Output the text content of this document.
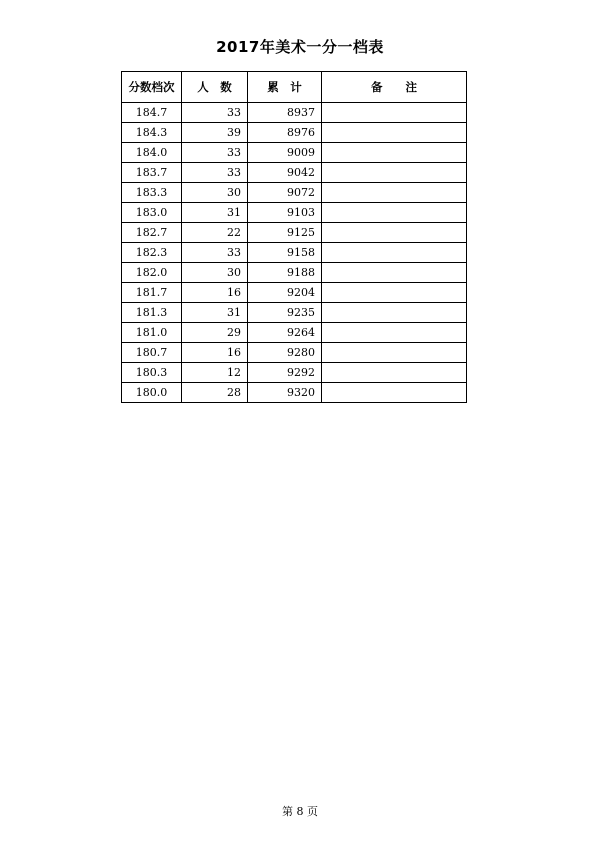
2017年美术一分一档表
分数档次	人　数	累　计	备　　注
184.7	33	8937	
184.3	39	8976	
184.0	33	9009	
183.7	33	9042	
183.3	30	9072	
183.0	31	9103	
182.7	22	9125	
182.3	33	9158	
182.0	30	9188	
181.7	16	9204	
181.3	31	9235	
181.0	29	9264	
180.7	16	9280	
180.3	12	9292	
180.0	28	9320	
第 8 页
